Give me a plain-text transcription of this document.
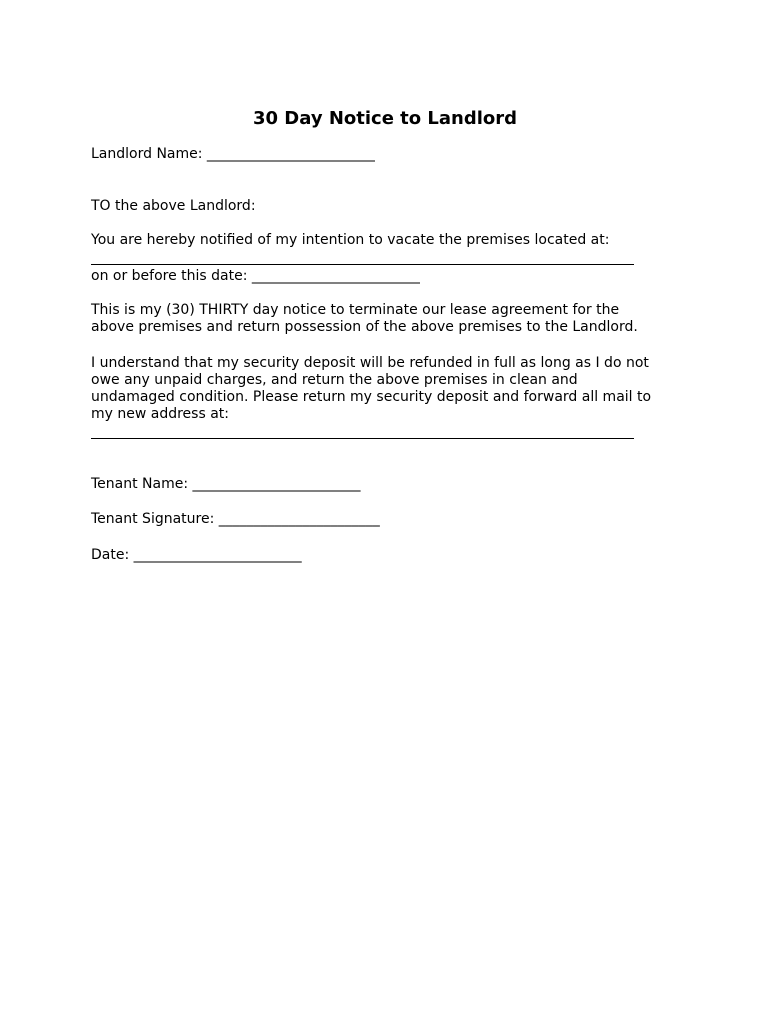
30 Day Notice to Landlord
Landlord Name: ________________________
TO the above Landlord:
You are hereby notified of my intention to vacate the premises located at:
on or before this date: ________________________
This is my (30) THIRTY day notice to terminate our lease agreement for the
above premises and return possession of the above premises to the Landlord.
I understand that my security deposit will be refunded in full as long as I do not
owe any unpaid charges, and return the above premises in clean and
undamaged condition. Please return my security deposit and forward all mail to
my new address at:
Tenant Name: ________________________
Tenant Signature: _______________________
Date: ________________________
